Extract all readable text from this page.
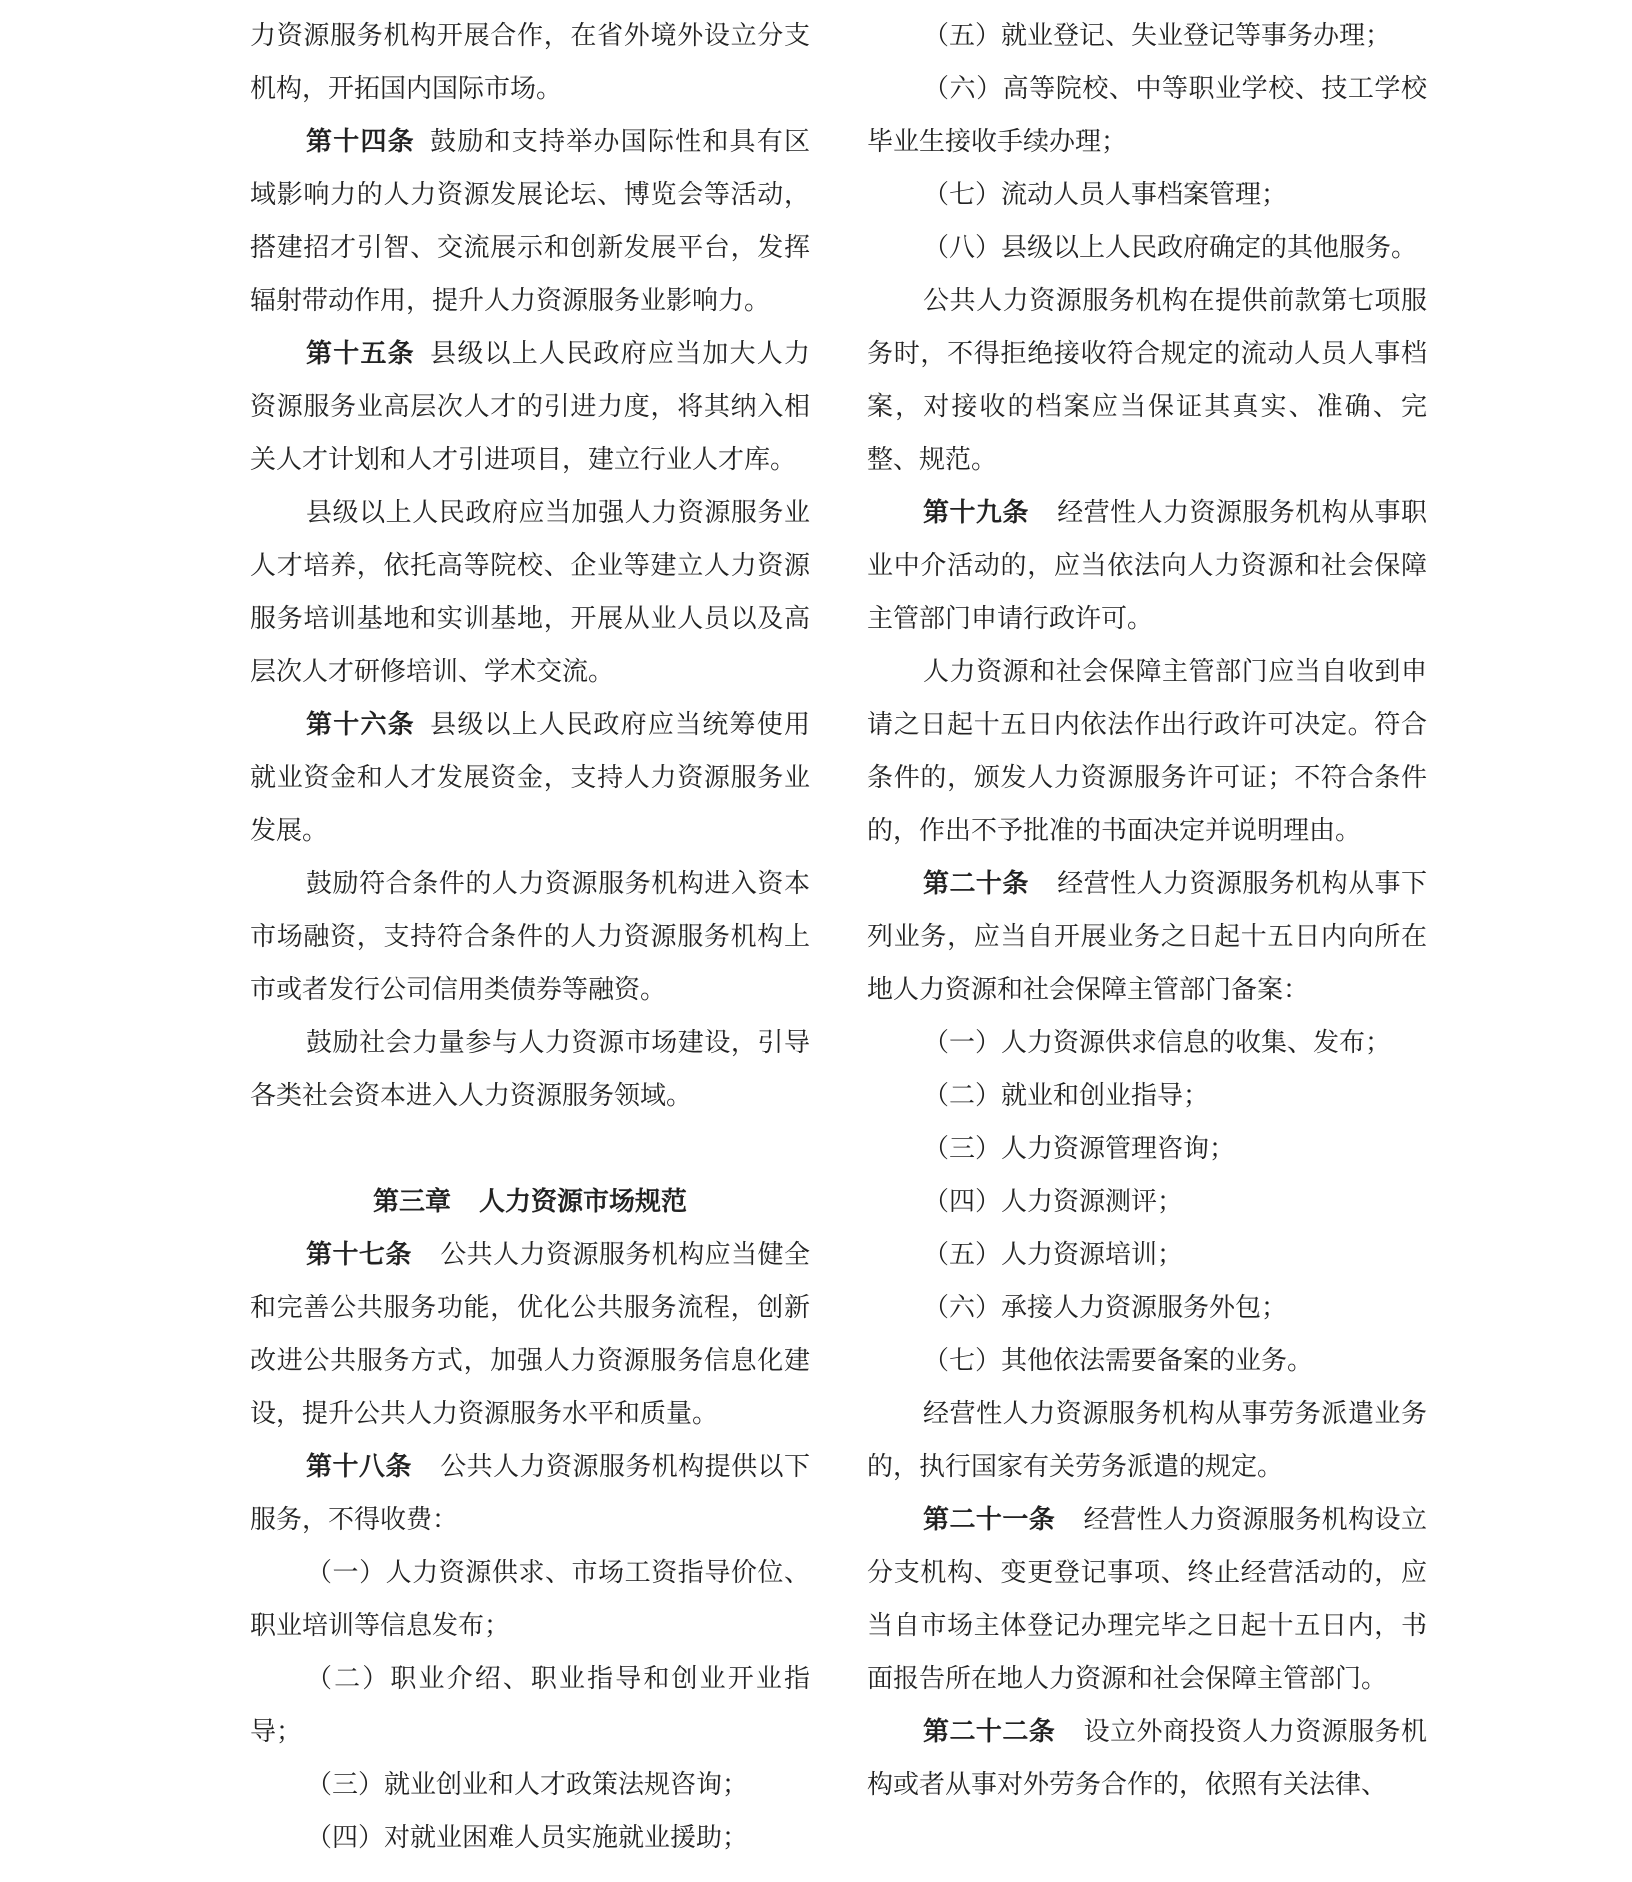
力资源服务机构开展合作，在省外境外设立分支机构，开拓国内国际市场。

第十四条 鼓励和支持举办国际性和具有区域影响力的人力资源发展论坛、博览会等活动，搭建招才引智、交流展示和创新发展平台，发挥辐射带动作用，提升人力资源服务业影响力。

第十五条 县级以上人民政府应当加大人力资源服务业高层次人才的引进力度，将其纳入相关人才计划和人才引进项目，建立行业人才库。

县级以上人民政府应当加强人力资源服务业人才培养，依托高等院校、企业等建立人力资源服务培训基地和实训基地，开展从业人员以及高层次人才研修培训、学术交流。

第十六条 县级以上人民政府应当统筹使用就业资金和人才发展资金，支持人力资源服务业发展。

鼓励符合条件的人力资源服务机构进入资本市场融资，支持符合条件的人力资源服务机构上市或者发行公司信用类债券等融资。

鼓励社会力量参与人力资源市场建设，引导各类社会资本进入人力资源服务领域。

第三章 人力资源市场规范

第十七条 公共人力资源服务机构应当健全和完善公共服务功能，优化公共服务流程，创新改进公共服务方式，加强人力资源服务信息化建设，提升公共人力资源服务水平和质量。

第十八条 公共人力资源服务机构提供以下服务，不得收费：

（一）人力资源供求、市场工资指导价位、职业培训等信息发布；

（二）职业介绍、职业指导和创业开业指导；

（三）就业创业和人才政策法规咨询；

（四）对就业困难人员实施就业援助；

（五）就业登记、失业登记等事务办理；

（六）高等院校、中等职业学校、技工学校毕业生接收手续办理；

（七）流动人员人事档案管理；

（八）县级以上人民政府确定的其他服务。

公共人力资源服务机构在提供前款第七项服务时，不得拒绝接收符合规定的流动人员人事档案，对接收的档案应当保证其真实、准确、完整、规范。

第十九条 经营性人力资源服务机构从事职业中介活动的，应当依法向人力资源和社会保障主管部门申请行政许可。

人力资源和社会保障主管部门应当自收到申请之日起十五日内依法作出行政许可决定。符合条件的，颁发人力资源服务许可证；不符合条件的，作出不予批准的书面决定并说明理由。

第二十条 经营性人力资源服务机构从事下列业务，应当自开展业务之日起十五日内向所在地人力资源和社会保障主管部门备案：

（一）人力资源供求信息的收集、发布；

（二）就业和创业指导；

（三）人力资源管理咨询；

（四）人力资源测评；

（五）人力资源培训；

（六）承接人力资源服务外包；

（七）其他依法需要备案的业务。

经营性人力资源服务机构从事劳务派遣业务的，执行国家有关劳务派遣的规定。

第二十一条 经营性人力资源服务机构设立分支机构、变更登记事项、终止经营活动的，应当自市场主体登记办理完毕之日起十五日内，书面报告所在地人力资源和社会保障主管部门。

第二十二条 设立外商投资人力资源服务机构或者从事对外劳务合作的，依照有关法律、
